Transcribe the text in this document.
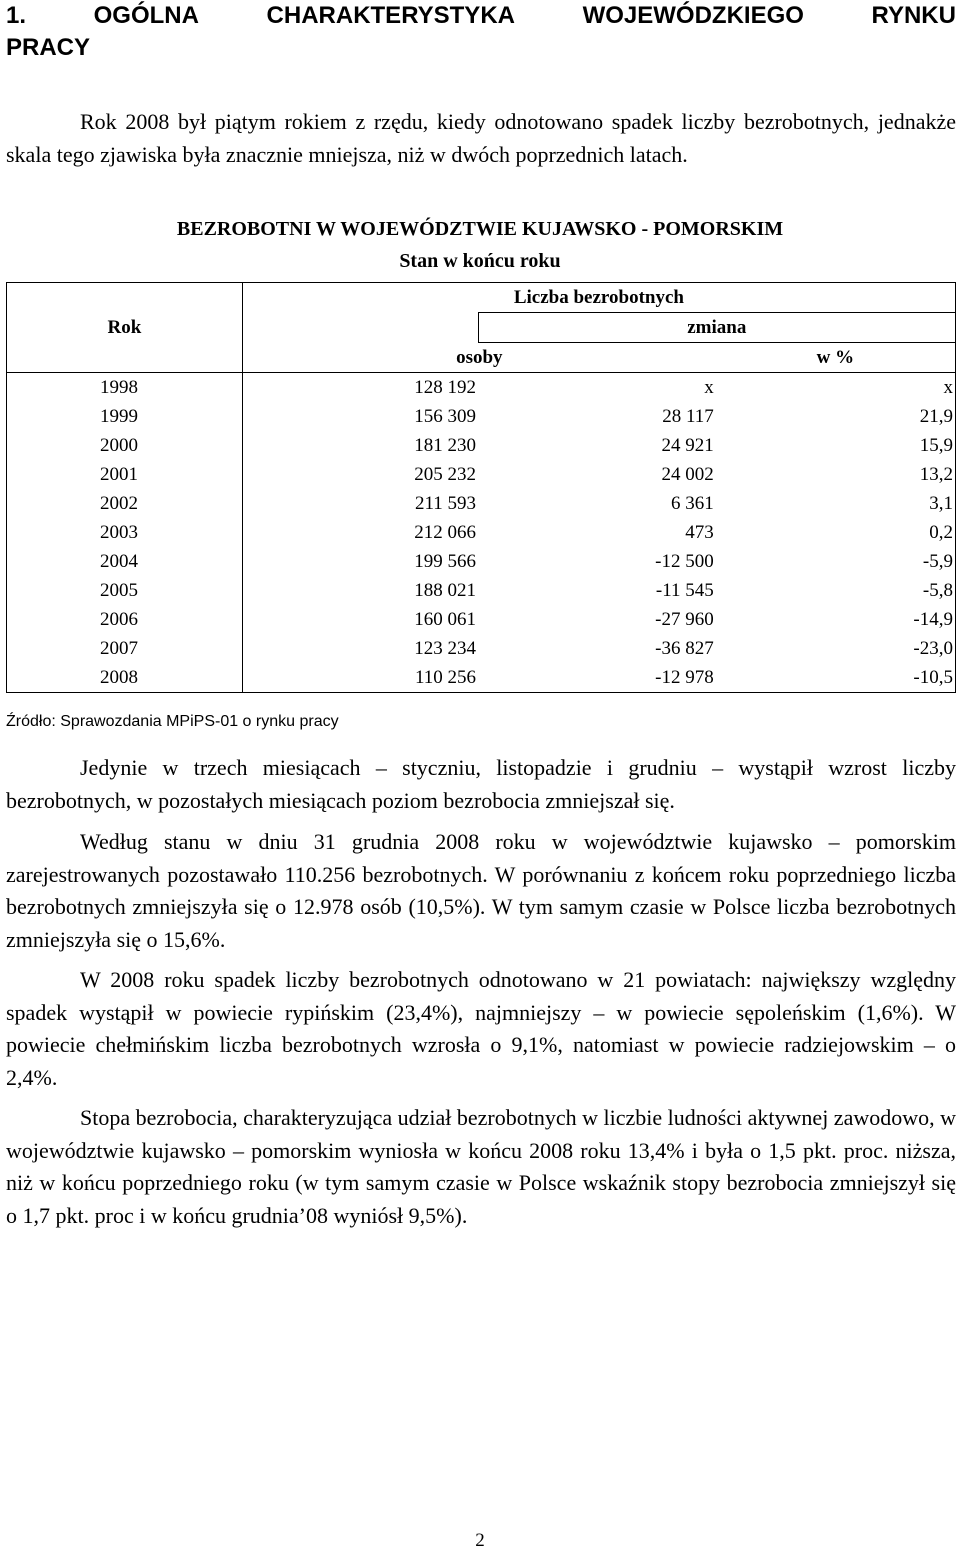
1.	OGÓLNA	CHARAKTERYSTYKA	WOJEWÓDZKIEGO	RYNKU
PRACY

Rok 2008 był piątym rokiem z rzędu, kiedy odnotowano spadek liczby bezrobotnych, jednakże skala tego zjawiska była znacznie mniejsza, niż w dwóch poprzednich latach.

BEZROBOTNI W WOJEWÓDZTWIE KUJAWSKO - POMORSKIM
Stan w końcu roku
Rok	Liczba bezrobotnych		
		zmiana	
	osoby		w %
1998	128 192	x	x
1999	156 309	28 117	21,9
2000	181 230	24 921	15,9
2001	205 232	24 002	13,2
2002	211 593	6 361	3,1
2003	212 066	473	0,2
2004	199 566	-12 500	-5,9
2005	188 021	-11 545	-5,8
2006	160 061	-27 960	-14,9
2007	123 234	-36 827	-23,0
2008	110 256	-12 978	-10,5
Źródło: Sprawozdania MPiPS-01 o rynku pracy

Jedynie w trzech miesiącach – styczniu, listopadzie i grudniu – wystąpił wzrost liczby bezrobotnych, w pozostałych miesiącach poziom bezrobocia zmniejszał się.

Według stanu w dniu 31 grudnia 2008 roku w województwie kujawsko – pomorskim zarejestrowanych pozostawało 110.256 bezrobotnych. W porównaniu z końcem roku poprzedniego liczba bezrobotnych zmniejszyła się o 12.978 osób (10,5%). W tym samym czasie w Polsce liczba bezrobotnych zmniejszyła się o 15,6%.

W 2008 roku spadek liczby bezrobotnych odnotowano w 21 powiatach: największy względny spadek wystąpił w powiecie rypińskim (23,4%), najmniejszy – w powiecie sępoleńskim (1,6%). W powiecie chełmińskim liczba bezrobotnych wzrosła o 9,1%, natomiast w powiecie radziejowskim – o 2,4%.

Stopa bezrobocia, charakteryzująca udział bezrobotnych w liczbie ludności aktywnej zawodowo, w województwie kujawsko – pomorskim wyniosła w końcu 2008 roku 13,4% i była o 1,5 pkt. proc. niższa, niż w końcu poprzedniego roku (w tym samym czasie w Polsce wskaźnik stopy bezrobocia zmniejszył się o 1,7 pkt. proc i w końcu grudnia’08 wyniósł 9,5%).

2
